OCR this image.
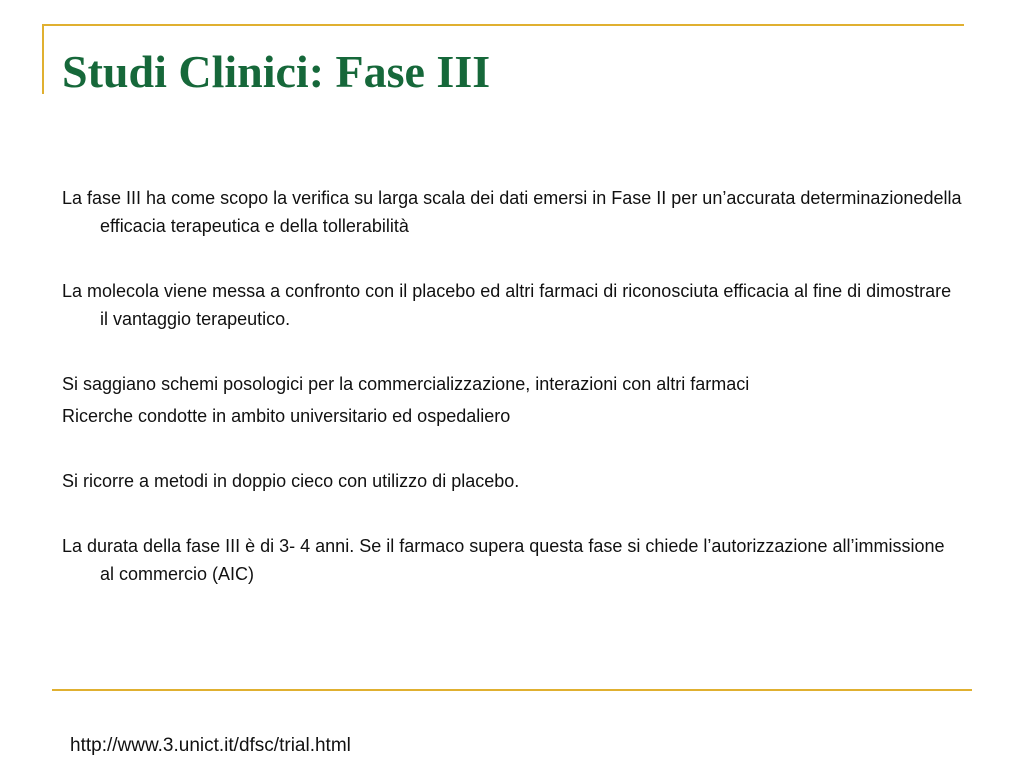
Studi Clinici: Fase III

La fase III ha come scopo la verifica su larga scala dei dati emersi in Fase II per un’accurata determinazionedella efficacia terapeutica e della tollerabilità

La molecola viene messa a confronto con il placebo ed altri farmaci di riconosciuta efficacia al fine di dimostrare il vantaggio terapeutico.

Si saggiano schemi posologici per la commercializzazione, interazioni con altri farmaci

Ricerche condotte in ambito universitario ed ospedaliero

Si ricorre a metodi in doppio cieco con utilizzo di placebo.

La durata della fase III è di 3- 4 anni. Se il farmaco supera questa fase si chiede l’autorizzazione all’immissione al commercio (AIC)

http://www.3.unict.it/dfsc/trial.html
